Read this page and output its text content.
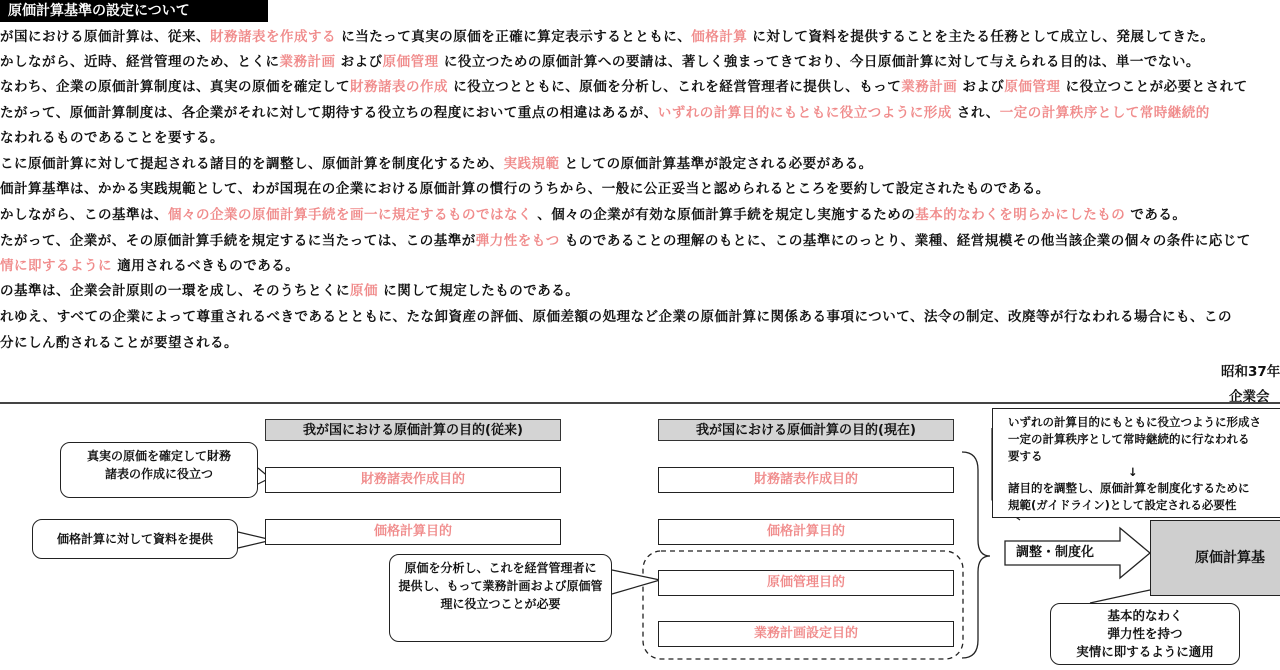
原価計算基準の設定について
が国における原価計算は、従来、財務諸表を作成する に当たって真実の原価を正確に算定表示するとともに、価格計算 に対して資料を提供することを主たる任務として成立し、発展してきた。
かしながら、近時、経営管理のため、とくに業務計画 および原価管理 に役立つための原価計算への要請は、著しく強まってきており、今日原価計算に対して与えられる目的は、単一でない。
なわち、企業の原価計算制度は、真実の原価を確定して財務諸表の作成 に役立つとともに、原価を分析し、これを経営管理者に提供し、もって業務計画 および原価管理 に役立つことが必要とされて
たがって、原価計算制度は、各企業がそれに対して期待する役立ちの程度において重点の相違はあるが、いずれの計算目的にもともに役立つように形成 され、一定の計算秩序として常時継続的
なわれるものであることを要する。
こに原価計算に対して提起される諸目的を調整し、原価計算を制度化するため、実践規範 としての原価計算基準が設定される必要がある。
価計算基準は、かかる実践規範として、わが国現在の企業における原価計算の慣行のうちから、一般に公正妥当と認められるところを要約して設定されたものである。
かしながら、この基準は、個々の企業の原価計算手続を画一に規定するものではなく 、個々の企業が有効な原価計算手続を規定し実施するための基本的なわくを明らかにしたもの である。
たがって、企業が、その原価計算手続を規定するに当たっては、この基準が弾力性をもつ ものであることの理解のもとに、この基準にのっとり、業種、経営規模その他当該企業の個々の条件に応じて
情に即するように 適用されるべきものである。
の基準は、企業会計原則の一環を成し、そのうちとくに原価 に関して規定したものである。
れゆえ、すべての企業によって尊重されるべきであるとともに、たな卸資産の評価、原価差額の処理など企業の原価計算に関係ある事項について、法令の制定、改廃等が行なわれる場合にも、この
分にしん酌されることが要望される。
昭和37年
企業会
我が国における原価計算の目的(従来)	我が国における原価計算の目的(現在)
財務諸表作成目的
価格計算目的
財務諸表作成目的
価格計算目的
原価管理目的
業務計画設定目的
真実の原価を確定して財務
諸表の作成に役立つ
価格計算に対して資料を提供
原価を分析し、これを経営管理者に
提供し、もって業務計画および原価管
理に役立つことが必要
いずれの計算目的にもともに役立つように形成さ
一定の計算秩序として常時継続的に行なわれる
要する
↓
諸目的を調整し、原価計算を制度化するために
規範(ガイドライン)として設定される必要性
調整・制度化	原価計算基
基本的なわく
弾力性を持つ
実情に即するように適用
